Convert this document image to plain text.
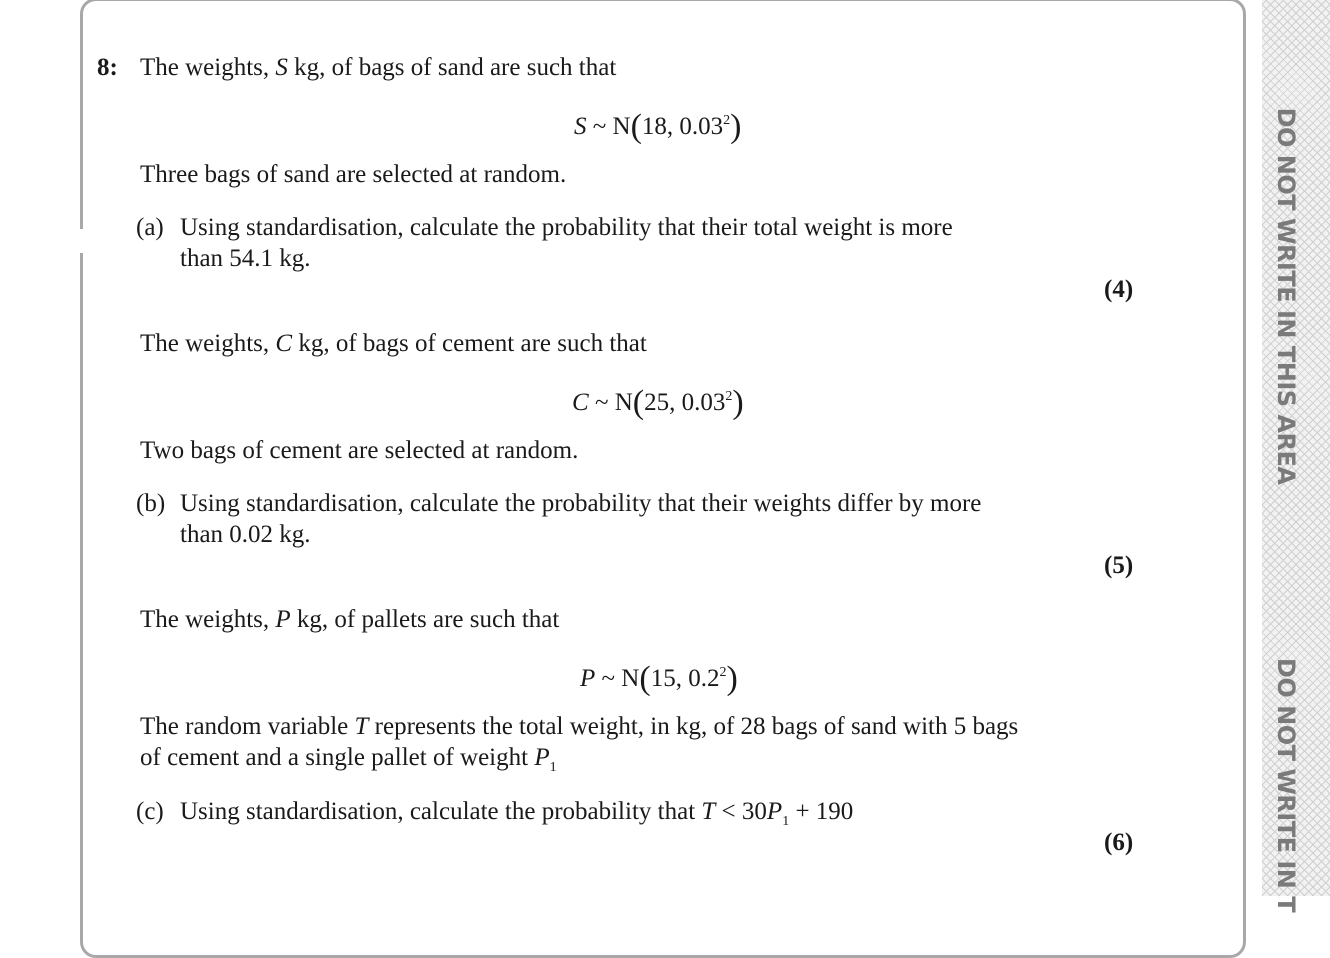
DO NOT WRITE IN THIS AREA
DO NOT WRITE IN T
8: The weights, S kg, of bags of sand are such that
S ~ N(18, 0.03$^2$)
Three bags of sand are selected at random.
(a) Using standardisation, calculate the probability that their total weight is more
than 54.1 kg.
(4)
The weights, C kg, of bags of cement are such that
C ~ N(25, 0.03$^2$)
Two bags of cement are selected at random.
(b) Using standardisation, calculate the probability that their weights differ by more
than 0.02 kg.
(5)
The weights, P kg, of pallets are such that
P ~ N(15, $0.2^2$)
The random variable T represents the total weight, in kg, of 28 bags of sand with 5 bags
of cement and a single pallet of weight $P_1$
(c) Using standardisation, calculate the probability that $T < 30P_1 + 190$
(6)
